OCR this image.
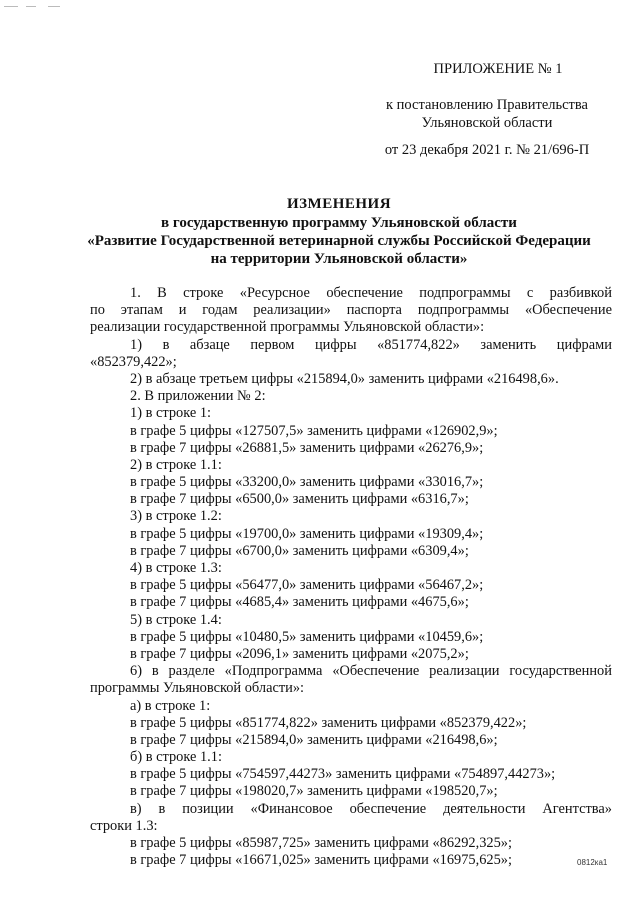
ПРИЛОЖЕНИЕ № 1
к постановлению Правительства
Ульяновской области
от 23 декабря 2021 г. № 21/696-П
ИЗМЕНЕНИЯ
в государственную программу Ульяновской области
«Развитие Государственной ветеринарной службы Российской Федерации
на территории Ульяновской области»
1. В строке «Ресурсное обеспечение подпрограммы с разбивкой
по этапам и годам реализации» паспорта подпрограммы «Обеспечение
реализации государственной программы Ульяновской области»:
1) в абзаце первом цифры «851774,822» заменить цифрами
«852379,422»;
2) в абзаце третьем цифры «215894,0» заменить цифрами «216498,6».
2. В приложении № 2:
1) в строке 1:
в графе 5 цифры «127507,5» заменить цифрами «126902,9»;
в графе 7 цифры «26881,5» заменить цифрами «26276,9»;
2) в строке 1.1:
в графе 5 цифры «33200,0» заменить цифрами «33016,7»;
в графе 7 цифры «6500,0» заменить цифрами «6316,7»;
3) в строке 1.2:
в графе 5 цифры «19700,0» заменить цифрами «19309,4»;
в графе 7 цифры «6700,0» заменить цифрами «6309,4»;
4) в строке 1.3:
в графе 5 цифры «56477,0» заменить цифрами «56467,2»;
в графе 7 цифры «4685,4» заменить цифрами «4675,6»;
5) в строке 1.4:
в графе 5 цифры «10480,5» заменить цифрами «10459,6»;
в графе 7 цифры «2096,1» заменить цифрами «2075,2»;
6) в разделе «Подпрограмма «Обеспечение реализации государственной
программы Ульяновской области»:
а) в строке 1:
в графе 5 цифры «851774,822» заменить цифрами «852379,422»;
в графе 7 цифры «215894,0» заменить цифрами «216498,6»;
б) в строке 1.1:
в графе 5 цифры «754597,44273» заменить цифрами «754897,44273»;
в графе 7 цифры «198020,7» заменить цифрами «198520,7»;
в) в позиции «Финансовое обеспечение деятельности Агентства»
строки 1.3:
в графе 5 цифры «85987,725» заменить цифрами «86292,325»;
в графе 7 цифры «16671,025» заменить цифрами «16975,625»;	0812ка1
